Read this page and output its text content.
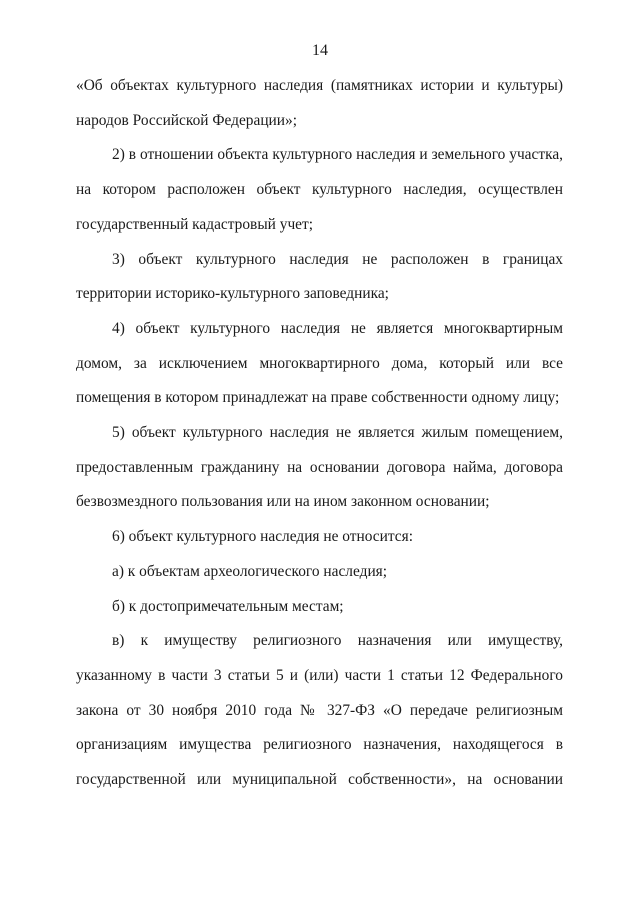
14

«Об объектах культурного наследия (памятниках истории и культуры) народов Российской Федерации»;

2) в отношении объекта культурного наследия и земельного участка, на котором расположен объект культурного наследия, осуществлен государственный кадастровый учет;

3) объект культурного наследия не расположен в границах территории историко-культурного заповедника;

4) объект культурного наследия не является многоквартирным домом, за исключением многоквартирного дома, который или все помещения в котором принадлежат на праве собственности одному лицу;

5) объект культурного наследия не является жилым помещением, предоставленным гражданину на основании договора найма, договора безвозмездного пользования или на ином законном основании;

6) объект культурного наследия не относится:

а) к объектам археологического наследия;

б) к достопримечательным местам;

в) к имуществу религиозного назначения или имуществу, указанному в части 3 статьи 5 и (или) части 1 статьи 12 Федерального закона от 30 ноября 2010 года № 327-ФЗ «О передаче религиозным организациям имущества религиозного назначения, находящегося в государственной или муниципальной собственности», на основании
